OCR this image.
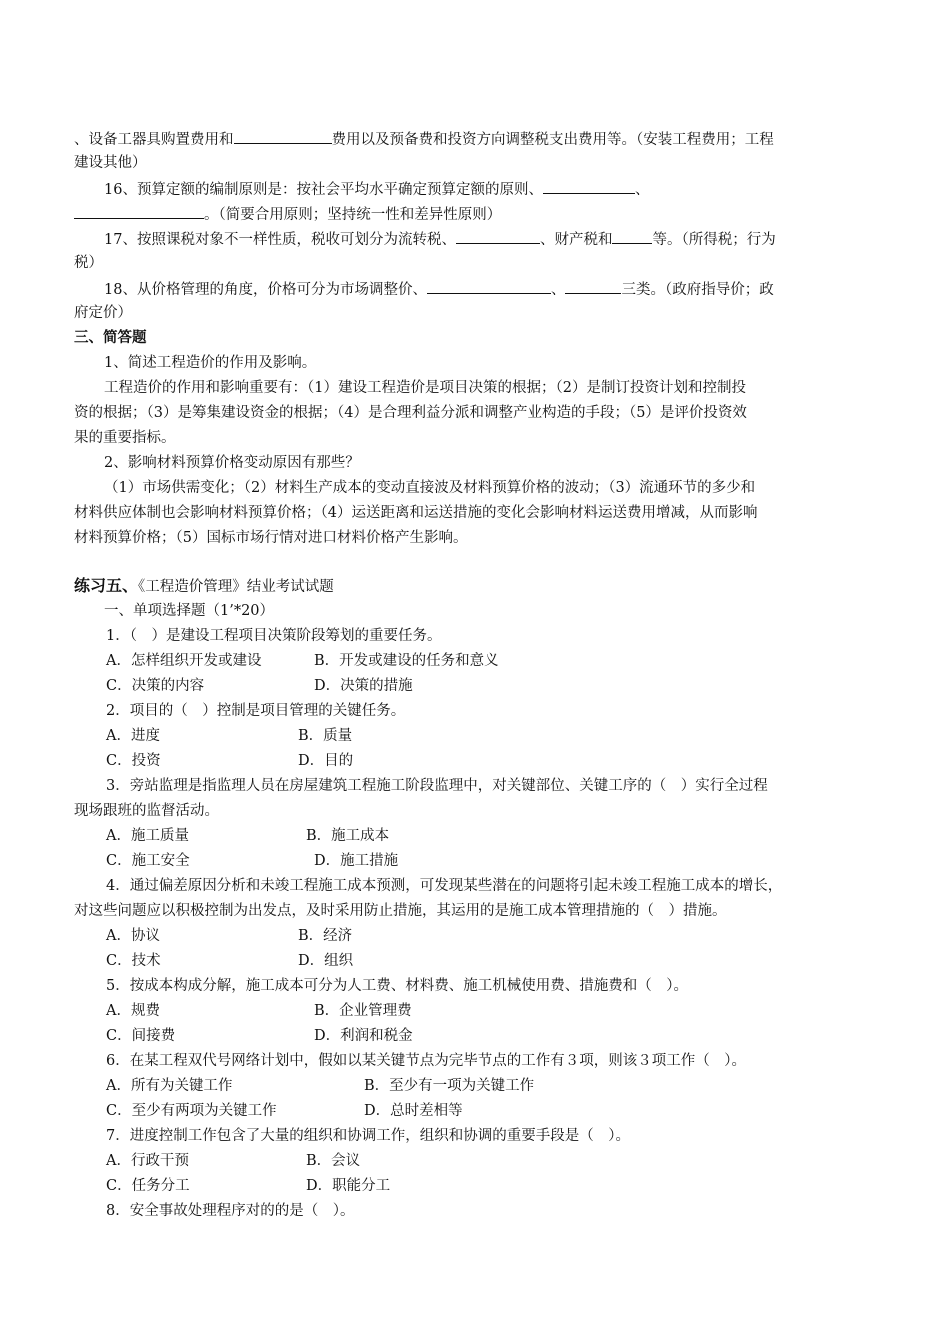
、设备工器具购置费用和	费用以及预备费和投资方向调整税支出费用等。（安装工程费用；工程
建设其他）
16、预算定额的编制原则是：按社会平均水平确定预算定额的原则、	、
。（简要合用原则；坚持统一性和差异性原则）
17、按照课税对象不一样性质，税收可划分为流转税、	、财产税和	等。（所得税；行为
税）
18、从价格管理的角度，价格可分为市场调整价、	、	三类。（政府指导价；政
府定价）
三、简答题
1、简述工程造价的作用及影响。
工程造价的作用和影响重要有：（1）建设工程造价是项目决策的根据；（2）是制订投资计划和控制投
资的根据；（3）是筹集建设资金的根据；（4）是合理利益分派和调整产业构造的手段；（5）是评价投资效
果的重要指标。
2、影响材料预算价格变动原因有那些？
（1）市场供需变化；（2）材料生产成本的变动直接波及材料预算价格的波动；（3）流通环节的多少和
材料供应体制也会影响材料预算价格；（4）运送距离和运送措施的变化会影响材料运送费用增减，从而影响
材料预算价格；（5）国标市场行情对进口材料价格产生影响。
练习五、《工程造价管理》结业考试试题
一、单项选择题（1’*20）
1．（　）是建设工程项目决策阶段筹划的重要任务。
A．怎样组织开发或建设	B．开发或建设的任务和意义
C．决策的内容	D．决策的措施
2．项目的（　）控制是项目管理的关键任务。
A．进度	B．质量
C．投资	D．目的
3．旁站监理是指监理人员在房屋建筑工程施工阶段监理中，对关键部位、关键工序的（　）实行全过程
现场跟班的监督活动。
A．施工质量	B．施工成本
C．施工安全	D．施工措施
4．通过偏差原因分析和未竣工程施工成本预测，可发现某些潜在的问题将引起未竣工程施工成本的增长，
对这些问题应以积极控制为出发点，及时采用防止措施，其运用的是施工成本管理措施的（　）措施。
A．协议	B．经济
C．技术	D．组织
5．按成本构成分解，施工成本可分为人工费、材料费、施工机械使用费、措施费和（　）。
A．规费	B．企业管理费
C．间接费	D．利润和税金
6．在某工程双代号网络计划中，假如以某关键节点为完毕节点的工作有３项，则该３项工作（　）。
A．所有为关键工作	B．至少有一项为关键工作
C．至少有两项为关键工作	D．总时差相等
7．进度控制工作包含了大量的组织和协调工作，组织和协调的重要手段是（　）。
A．行政干预	B．会议
C．任务分工	D．职能分工
8．安全事故处理程序对的的是（　）。
